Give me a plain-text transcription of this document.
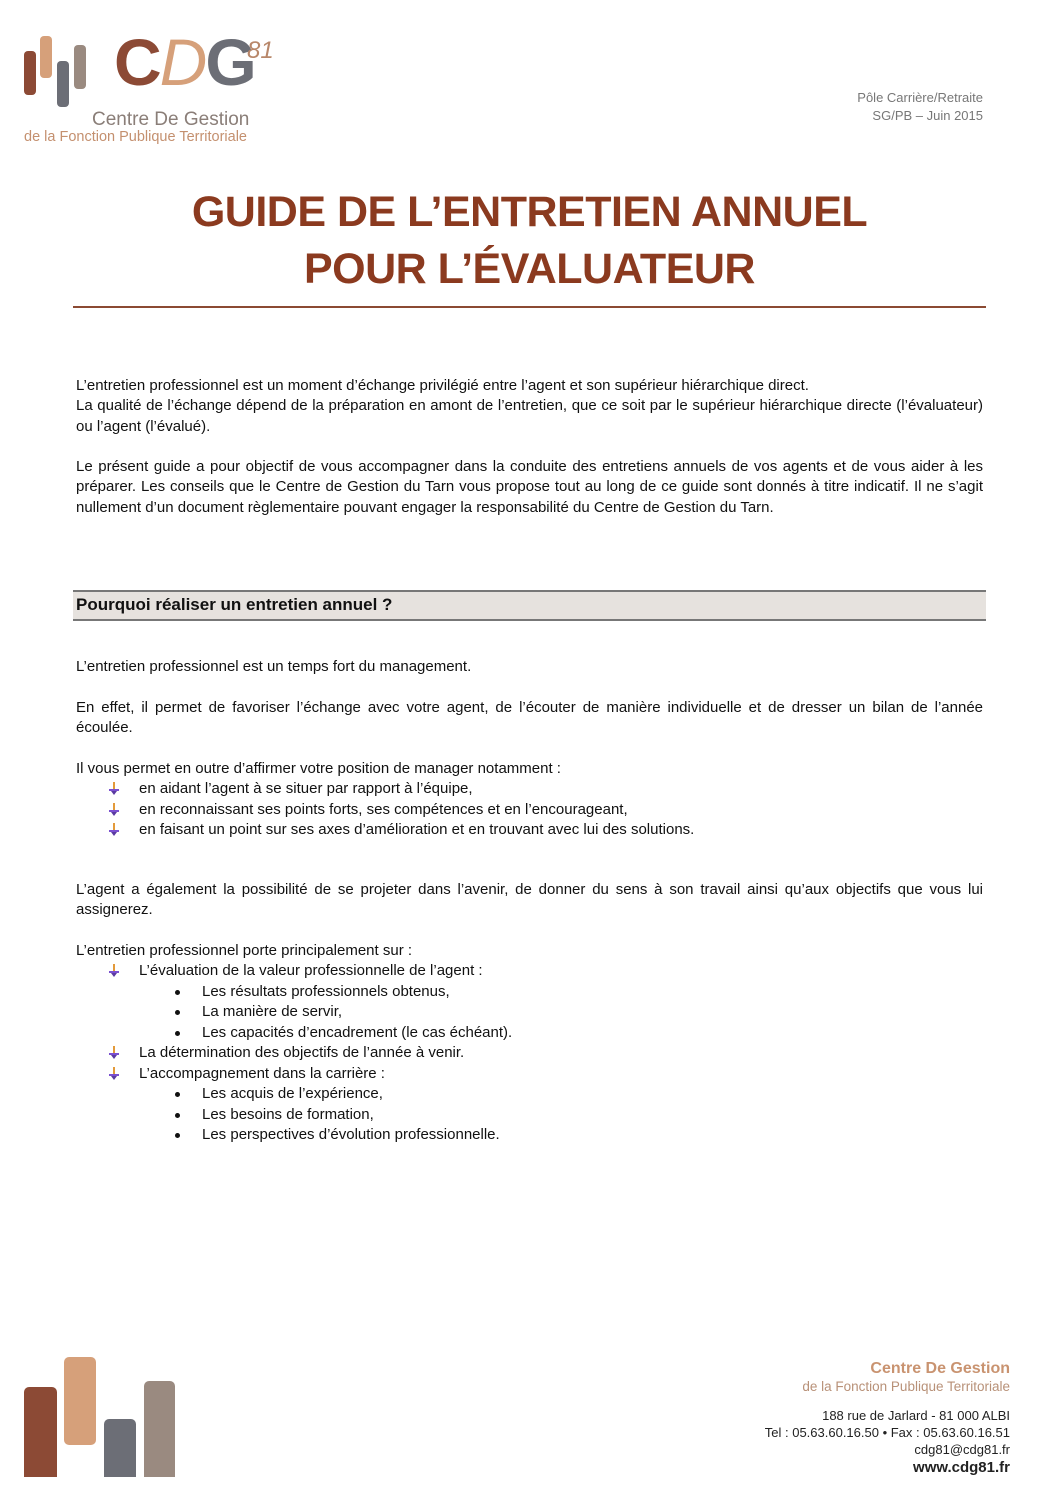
CDG
81
Centre De Gestion
de la Fonction Publique Territoriale
Pôle Carrière/Retraite
SG/PB – Juin 2015
GUIDE DE L’ENTRETIEN ANNUEL
POUR L’ÉVALUATEUR
L’entretien professionnel est un moment d’échange privilégié entre l’agent et son supérieur hiérarchique direct.
La qualité de l’échange dépend de la préparation en amont de l’entretien, que ce soit par le supérieur hiérarchique directe (l’évaluateur) ou l’agent (l’évalué).
Le présent guide a pour objectif de vous accompagner dans la conduite des entretiens annuels de vos agents et de vous aider à les préparer. Les conseils que le Centre de Gestion du Tarn vous propose tout au long de ce guide sont donnés à titre indicatif. Il ne s’agit nullement d’un document règlementaire pouvant engager la responsabilité du Centre de Gestion du Tarn.
Pourquoi réaliser un entretien annuel ?
L’entretien professionnel est un temps fort du management.
En effet, il permet de favoriser l’échange avec votre agent, de l’écouter de manière individuelle et de dresser un bilan de l’année écoulée.
Il vous permet en outre d’affirmer votre position de manager notamment :
en aidant l’agent à se situer par rapport à l’équipe,
en reconnaissant ses points forts, ses compétences et en l’encourageant,
en faisant un point sur ses axes d’amélioration et en trouvant avec lui des solutions.
L’agent a également la possibilité de se projeter dans l’avenir, de donner du sens à son travail ainsi qu’aux objectifs que vous lui assignerez.
L’entretien professionnel porte principalement sur :
L’évaluation de la valeur professionnelle de l’agent :
Les résultats professionnels obtenus,
La manière de servir,
Les capacités d’encadrement (le cas échéant).
La détermination des objectifs de l’année à venir.
L’accompagnement dans la carrière :
Les acquis de l’expérience,
Les besoins de formation,
Les perspectives d’évolution professionnelle.
Centre De Gestion
de la Fonction Publique Territoriale
188 rue de Jarlard - 81 000 ALBI
Tel : 05.63.60.16.50 • Fax : 05.63.60.16.51
cdg81@cdg81.fr
www.cdg81.fr
